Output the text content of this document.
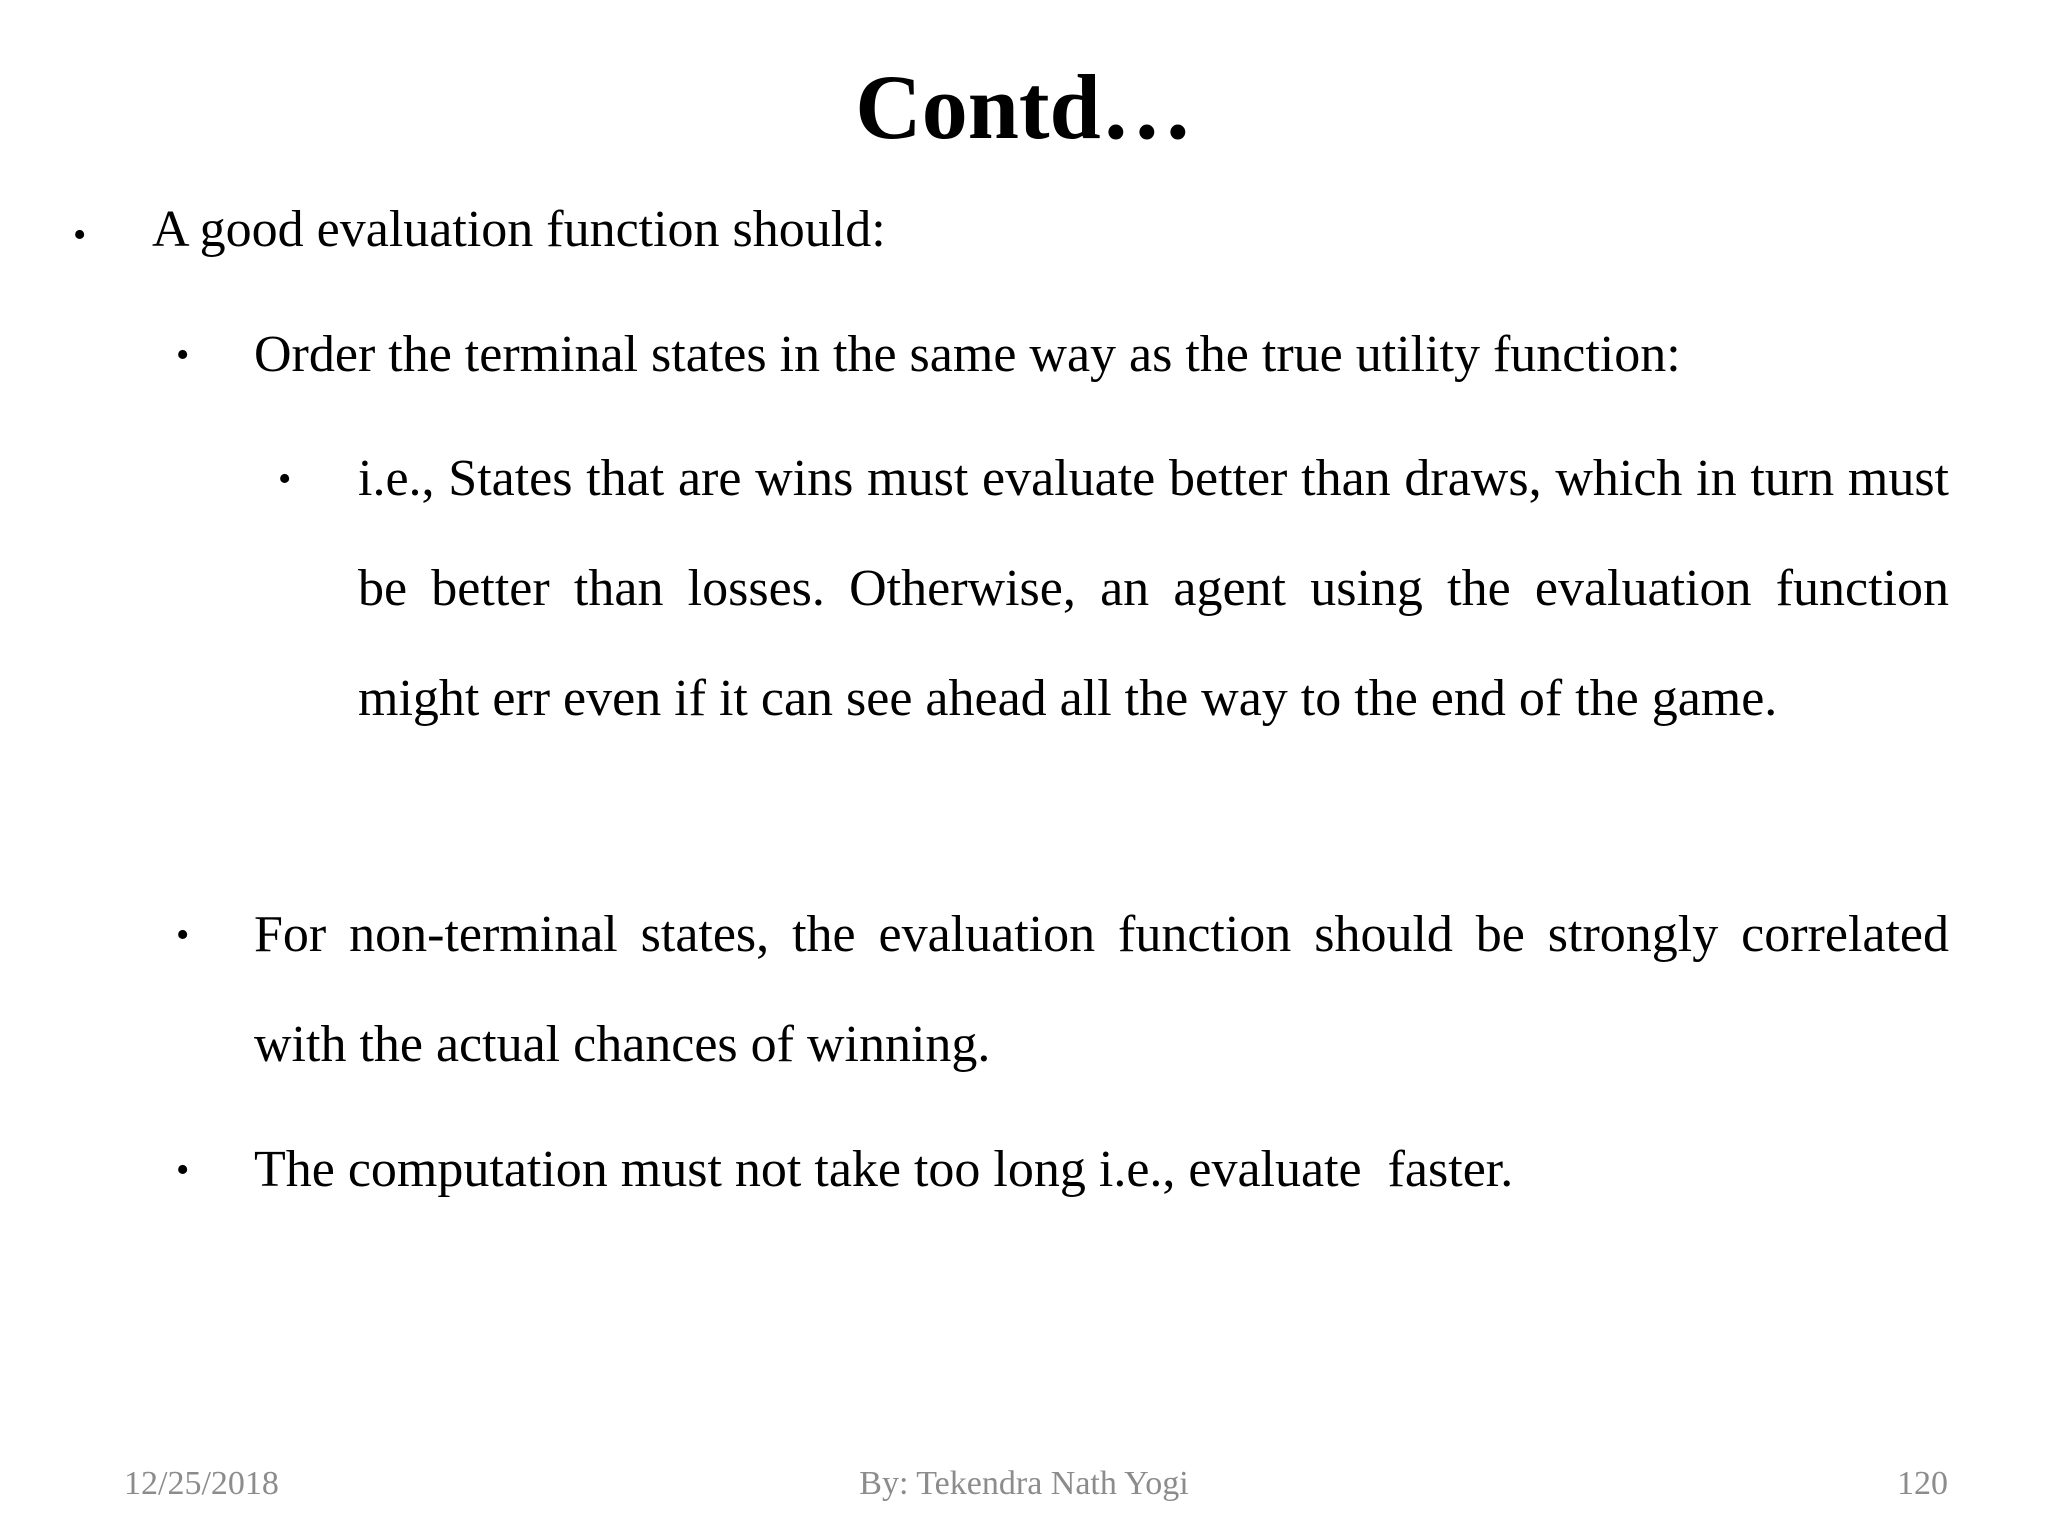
Contd…
• A good evaluation function should:
• Order the terminal states in the same way as the true utility function:
• i.e., States that are wins must evaluate better than draws, which in turn must be better than losses. Otherwise, an agent using the evaluation function might err even if it can see ahead all the way to the end of the game.
• For non-terminal states, the evaluation function should be strongly correlated with the actual chances of winning.
• The computation must not take too long i.e., evaluate  faster.
12/25/2018	By: Tekendra Nath Yogi	120
